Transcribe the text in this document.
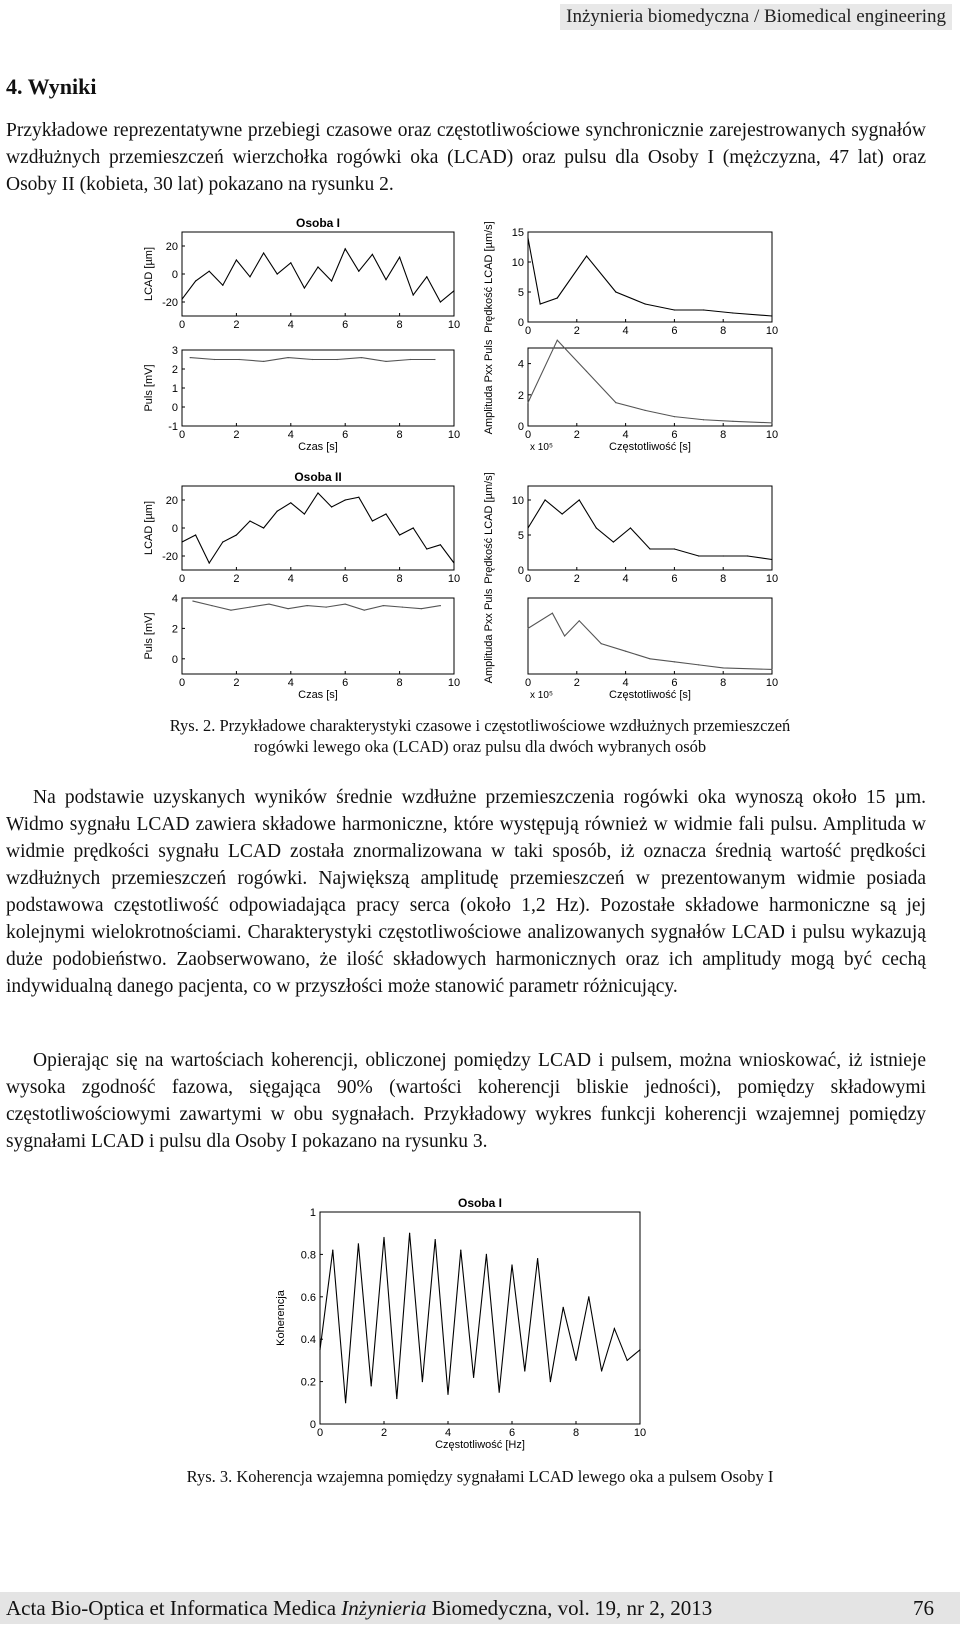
Inżynieria biomedyczna / Biomedical engineering
4. Wyniki
Przykładowe reprezentatywne przebiegi czasowe oraz częstotliwościowe synchronicznie zarejestrowanych sygnałów wzdłużnych przemieszczeń wierzchołka rogówki oka (LCAD) oraz pulsu dla Osoby I (mężczyzna, 47 lat) oraz Osoby II (kobieta, 30 lat) pokazano na rysunku 2.
0	2	4	6	8	10
20
0
-20
Osoba I
LCAD [µm]
0	2	4	6	8	10
3
2
1
0
-1
Puls [mV]
Czas [s]
0	2	4	6	8	10
15
10
5
0
Prędkość LCAD [µm/s]
0	2	4	6	8	10
4
2
0
Amplituda Pxx Puls
Częstotliwość [s]
x 10⁵
0	2	4	6	8	10
20
0
-20
Osoba II
LCAD [µm]
0	2	4	6	8	10
4
2
0
Puls [mV]
Czas [s]
0	2	4	6	8	10
10
5
0
Prędkość LCAD [µm/s]
0	2	4	6	8	10
Amplituda Pxx Puls
Częstotliwość [s]
x 10⁵
Rys. 2. Przykładowe charakterystyki czasowe i częstotliwościowe wzdłużnych przemieszczeń
rogówki lewego oka (LCAD) oraz pulsu dla dwóch wybranych osób
Na podstawie uzyskanych wyników średnie wzdłużne przemieszczenia rogówki oka wynoszą około 15 µm. Widmo sygnału LCAD zawiera składowe harmoniczne, które występują również w widmie fali pulsu. Amplituda w widmie prędkości sygnału LCAD została znormalizowana w taki sposób, iż oznacza średnią wartość prędkości wzdłużnych przemieszczeń rogówki. Największą amplitudę przemieszczeń w prezentowanym widmie posiada podstawowa częstotliwość odpowiadająca pracy serca (około 1,2 Hz). Pozostałe składowe harmoniczne są jej kolejnymi wielokrotnościami. Charakterystyki częstotliwościowe analizowanych sygnałów LCAD i pulsu wykazują duże podobieństwo. Zaobserwowano, że ilość składowych harmonicznych oraz ich amplitudy mogą być cechą indywidualną danego pacjenta, co w przyszłości może stanowić parametr różnicujący.
Opierając się na wartościach koherencji, obliczonej pomiędzy LCAD i pulsem, można wnioskować, iż istnieje wysoka zgodność fazowa, sięgająca 90% (wartości koherencji bliskie jedności), pomiędzy składowymi częstotliwościowymi zawartymi w obu sygnałach. Przykładowy wykres funkcji koherencji wzajemnej pomiędzy sygnałami LCAD i pulsu dla Osoby I pokazano na rysunku 3.
0	2	4	6	8	10
1
0.8
0.6
0.4
0.2
0
Osoba I
Koherencja
Częstotliwość [Hz]
Rys. 3. Koherencja wzajemna pomiędzy sygnałami LCAD lewego oka a pulsem Osoby I
Acta Bio-Optica et Informatica Medica Inżynieria Biomedyczna, vol. 19, nr 2, 2013	76
